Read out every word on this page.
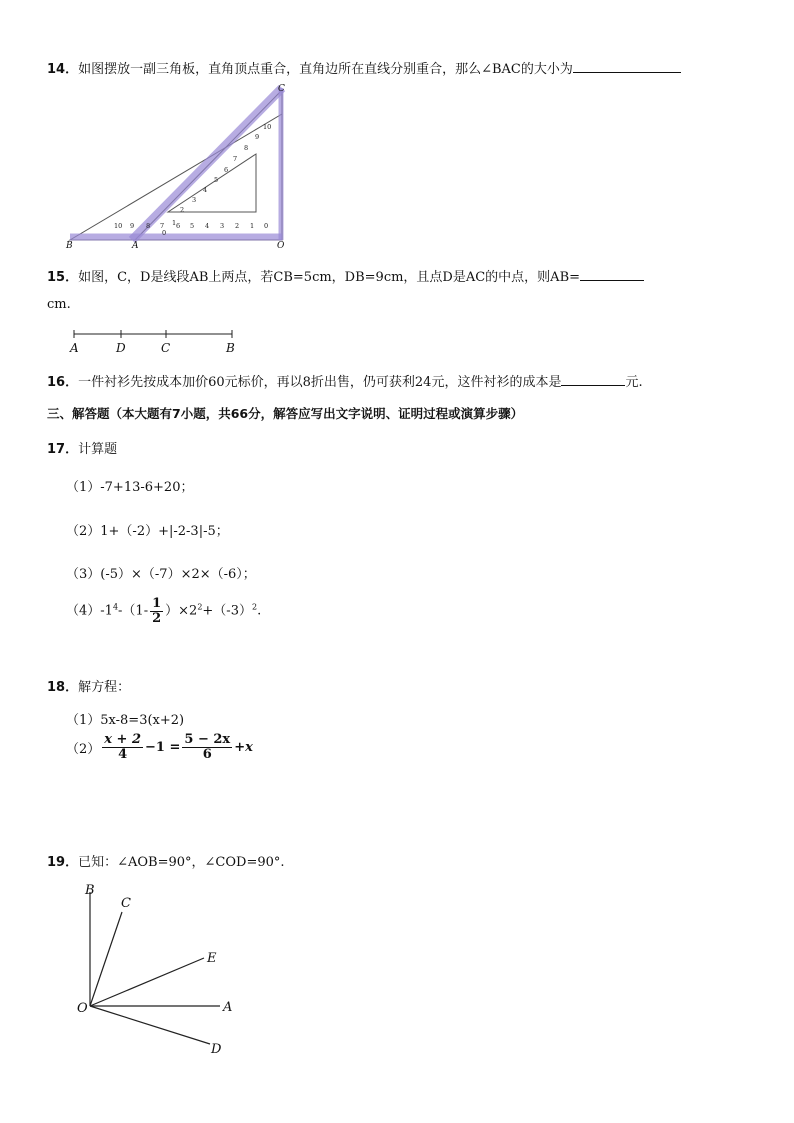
14．如图摆放一副三角板，直角顶点重合，直角边所在直线分别重合，那么∠BAC的大小为
10 9 8 7 1 6 5 4 3 2 1 0
0
2
3
4
5
6
7
8
9
10
B	A	O
C
15．如图，C，D是线段AB上两点，若CB=5cm，DB=9cm，且点D是AC的中点，则AB=
cm.
A	D	C	B
16．一件衬衫先按成本加价60元标价，再以8折出售，仍可获利24元，这件衬衫的成本是	元.
三、解答题（本大题有7小题，共66分，解答应写出文字说明、证明过程或演算步骤）
17．计算题
（1）-7+13-6+20；
（2）1+（-2）+|-2-3|-5；
（3）(-5）×（-7）×2×（-6）；
$(4)-1^4-(1- \frac{1}{2} )\times 2^2+(-3)^2$.
18．解方程：
（1）5x-8=3(x+2)
$(2) \frac{x + 2}{4} -1 = \frac{5 - 2x}{6} +x$
19．已知：∠AOB=90°，∠COD=90°.
B
C
E
O	A
D
